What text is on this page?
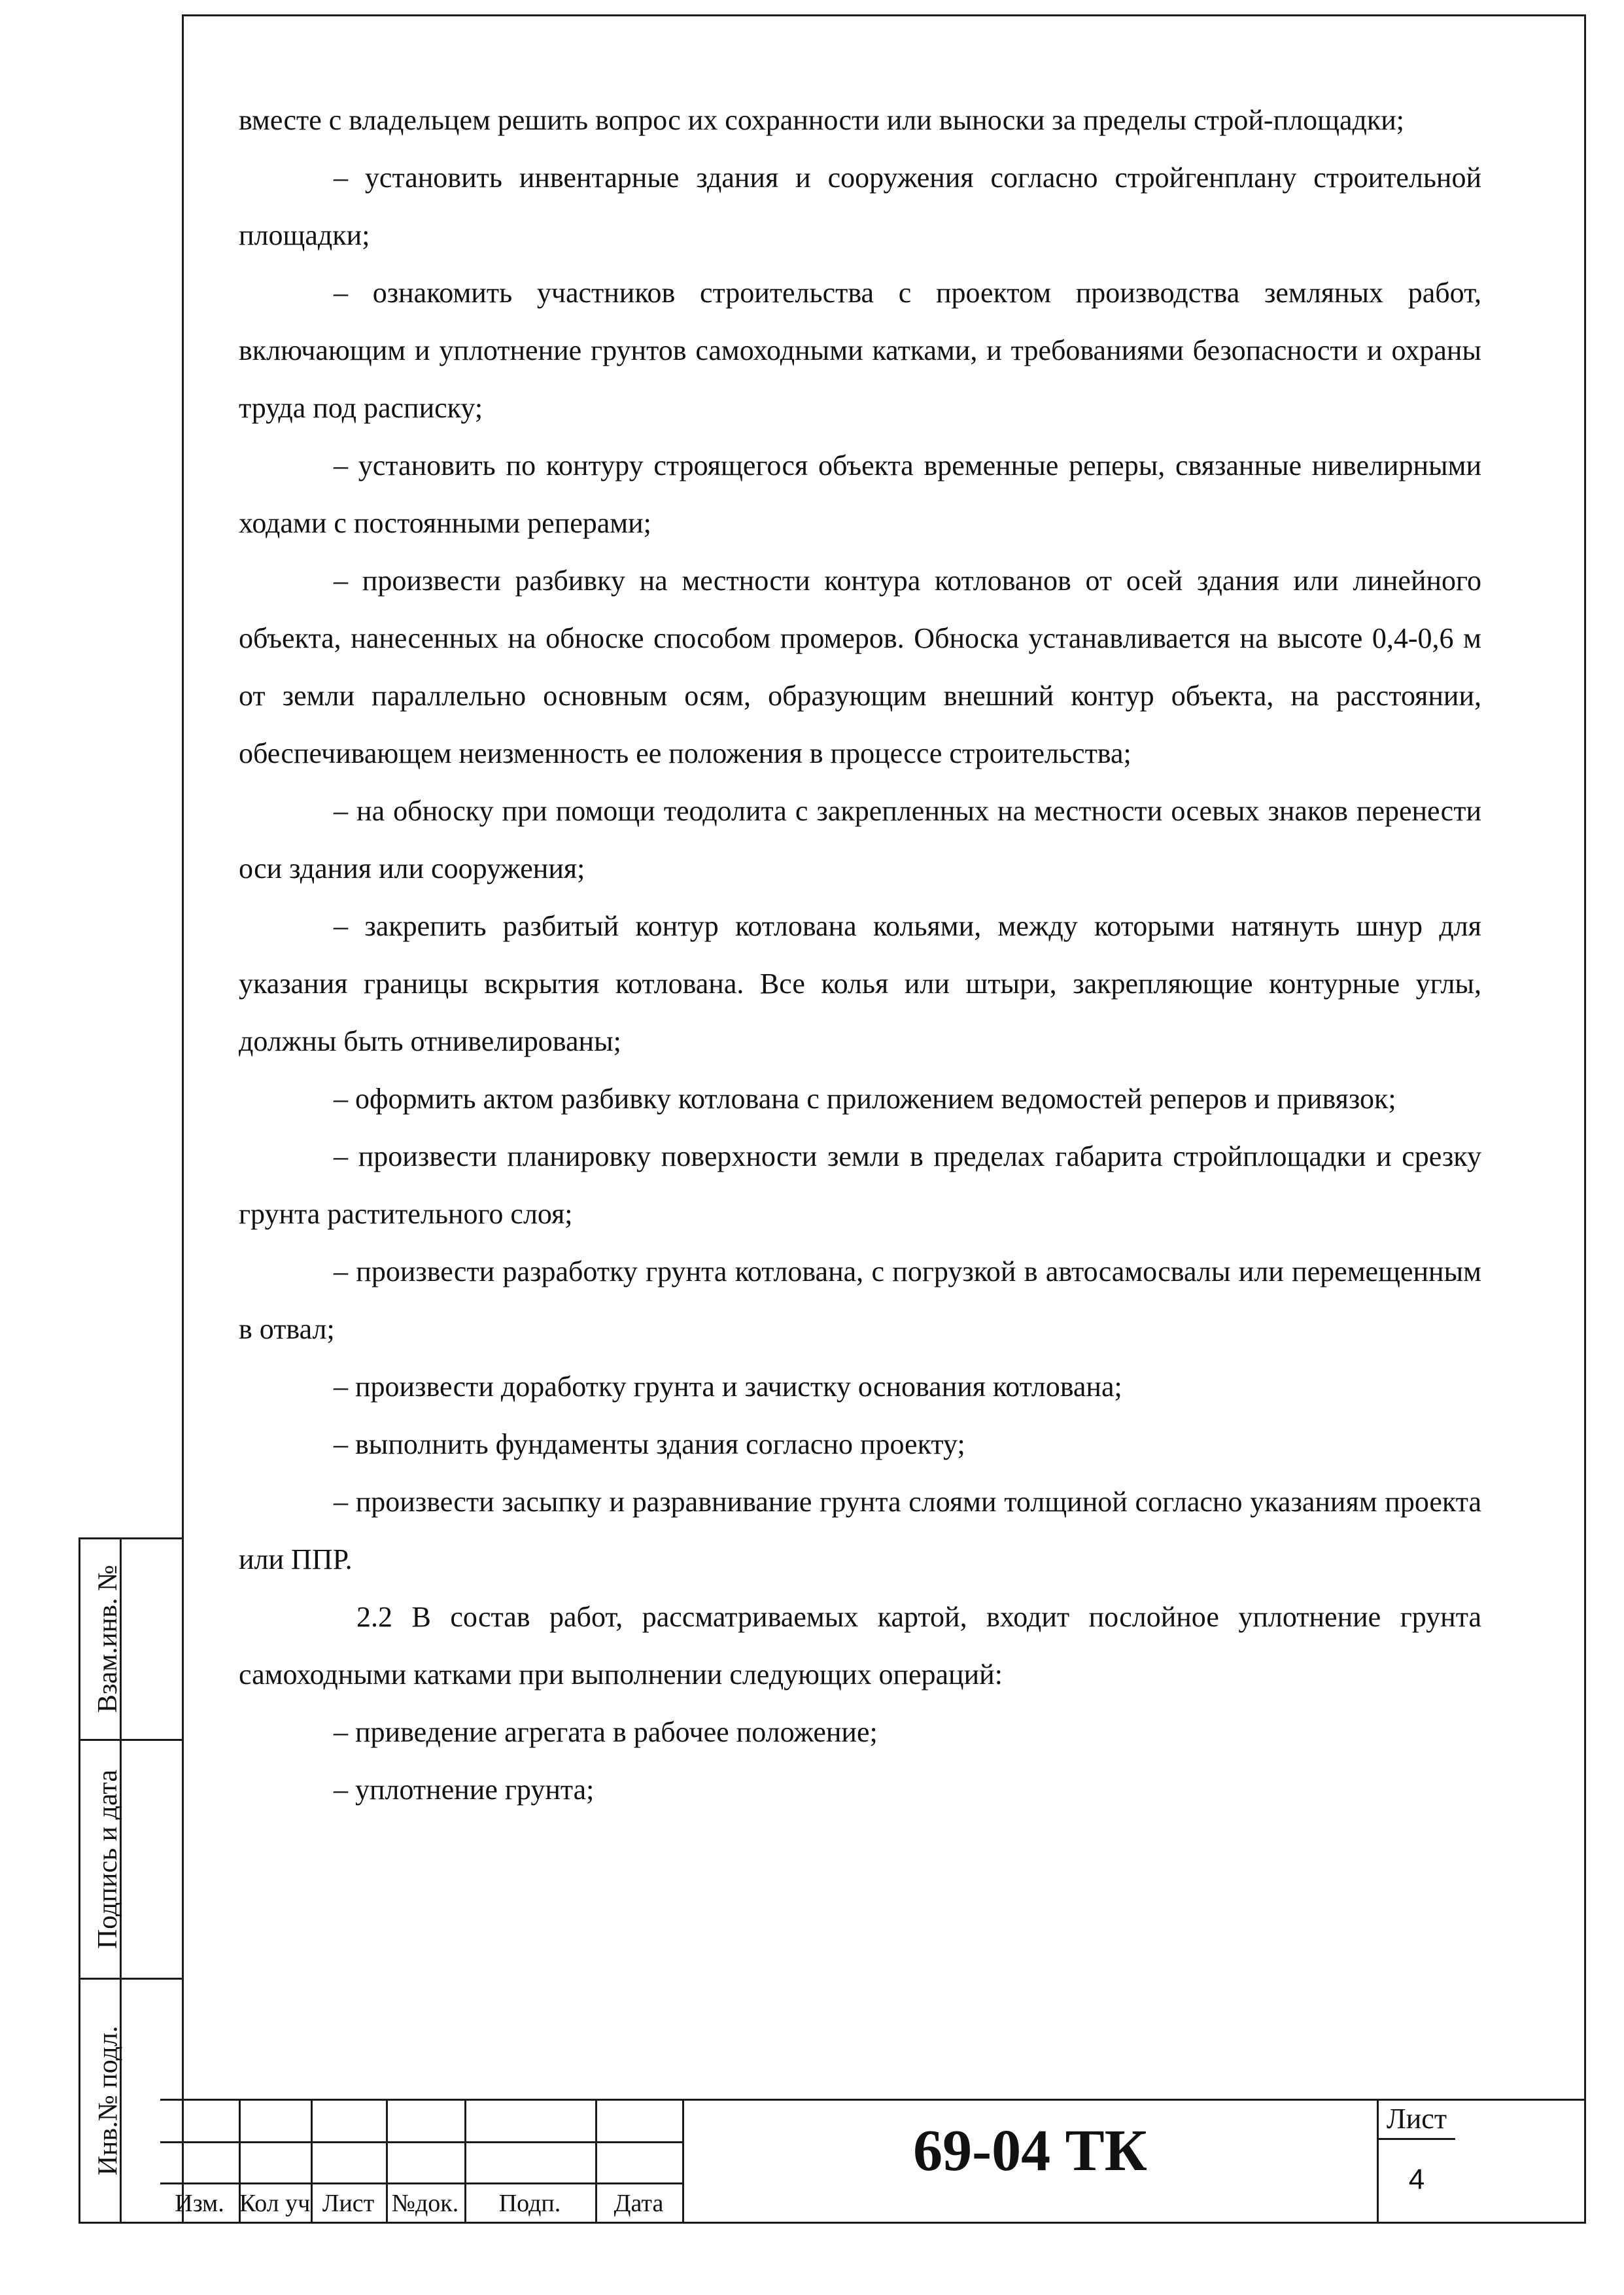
Взам.инв. №
Подпись и дата
Инв.№ подл.

вместе с владельцем решить вопрос их сохранности или выноски за пределы строй-площадки;

– установить инвентарные здания и сооружения согласно стройгенплану строительной площадки;

– ознакомить участников строительства с проектом производства земляных работ, включающим и уплотнение грунтов самоходными катками, и требованиями безопасности и охраны труда под расписку;

– установить по контуру строящегося объекта временные реперы, связанные нивелирными ходами с постоянными реперами;

– произвести разбивку на местности контура котлованов от осей здания или линейного объекта, нанесенных на обноске способом промеров. Обноска устанавливается на высоте 0,4-0,6 м от земли параллельно основным осям, образующим внешний контур объекта, на расстоянии, обеспечивающем неизменность ее положения в процессе строительства;

– на обноску при помощи теодолита с закрепленных на местности осевых знаков перенести оси здания или сооружения;

– закрепить разбитый контур котлована кольями, между которыми натянуть шнур для указания границы вскрытия котлована. Все колья или штыри, закрепляющие контурные углы, должны быть отнивелированы;

– оформить актом разбивку котлована с приложением ведомостей реперов и привязок;

– произвести планировку поверхности земли в пределах габарита стройплощадки и срезку грунта растительного слоя;

– произвести разработку грунта котлована, с погрузкой в автосамосвалы или перемещенным в отвал;

– произвести доработку грунта и зачистку основания котлована;

– выполнить фундаменты здания согласно проекту;

– произвести засыпку и разравнивание грунта слоями толщиной согласно указаниям проекта или ППР.

2.2 В состав работ, рассматриваемых картой, входит послойное уплотнение грунта самоходными катками при выполнении следующих операций:

– приведение агрегата в рабочее положение;

– уплотнение грунта;

Изм. Кол уч Лист №док.	Подп.	Дата
69-04 ТК	Лист
4
